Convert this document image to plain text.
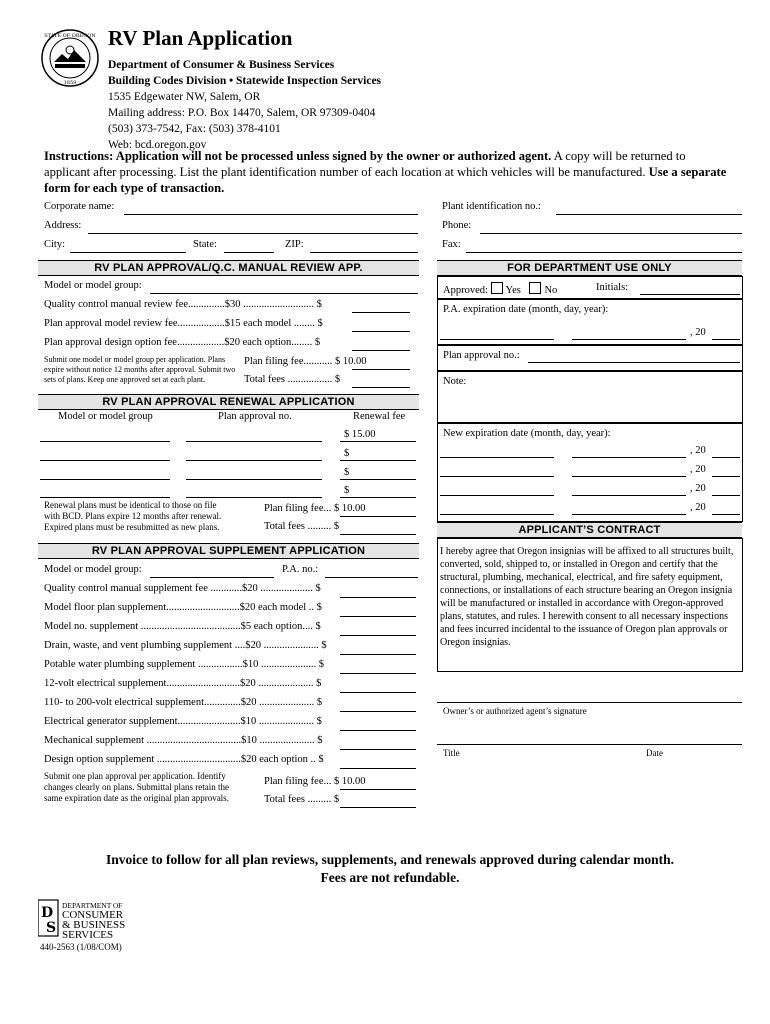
STATE OF OREGON
1859
RV Plan Application
Department of Consumer & Business Services
Building Codes Division • Statewide Inspection Services
1535 Edgewater NW, Salem, OR
Mailing address: P.O. Box 14470, Salem, OR 97309-0404
(503) 373-7542, Fax: (503) 378-4101
Web: bcd.oregon.gov
Instructions: Application will not be processed unless signed by the owner or authorized agent. A copy will be returned to applicant after processing. List the plant identification number of each location at which vehicles will be manufactured. Use a separate form for each type of transaction.
Corporate name:
Address:
City:	State:	ZIP:
Plant identification no.:
Phone:
Fax:
RV PLAN APPROVAL/Q.C. MANUAL REVIEW APP.
Model or model group:
Quality control manual review fee..............$30 ........................... $
Plan approval model review fee..................$15 each model ........ $
Plan approval design option fee..................$20 each option........ $
Submit one model or model group per application. Plans
expire without notice 12 months after approval. Submit two
sets of plans. Keep one approved set at each plant.
Plan filing fee........... $ 10.00
Total fees ................. $
RV PLAN APPROVAL RENEWAL APPLICATION
Model or model group	Plan approval no.	Renewal fee
$ 15.00
$
$
$
Renewal plans must be identical to those on file
with BCD. Plans expire 12 months after renewal.
Expired plans must be resubmitted as new plans.
Plan filing fee... $ 10.00
Total fees ......... $
RV PLAN APPROVAL SUPPLEMENT APPLICATION
Model or model group:	P.A. no.:
Quality control manual supplement fee ............$20 .................... $
Model floor plan supplement............................$20 each model .. $
Model no. supplement ......................................$5 each option.... $
Drain, waste, and vent plumbing supplement ....$20 ..................... $
Potable water plumbing supplement .................$10 ..................... $
12-volt electrical supplement............................$20 ..................... $
110- to 200-volt electrical supplement..............$20 ..................... $
Electrical generator supplement........................$10 ..................... $
Mechanical supplement ....................................$10 ..................... $
Design option supplement ................................$20 each option .. $
Submit one plan approval per application. Identify
changes clearly on plans. Submittal plans retain the
same expiration date as the original plan approvals.
Plan filing fee... $ 10.00
Total fees ......... $
FOR DEPARTMENT USE ONLY
Approved: Yes No	Initials:
P.A. expiration date (month, day, year):
, 20
Plan approval no.:
Note:
New expiration date (month, day, year):
, 20
, 20
, 20
, 20
APPLICANT’S CONTRACT
I hereby agree that Oregon insignias will be affixed to all structures built, converted, sold, shipped to, or installed in Oregon and certify that the structural, plumbing, mechanical, electrical, and fire safety equipment, connections, or installations of each structure bearing an Oregon insignia will be manufactured or installed in accordance with Oregon-approved plans, statutes, and rules. I herewith consent to all necessary inspections and fees incurred incidental to the issuance of Oregon plan approvals or Oregon insignias.
Owner’s or authorized agent’s signature
Title	Date
Invoice to follow for all plan reviews, supplements, and renewals approved during calendar month.
Fees are not refundable.
D
S
DEPARTMENT OF
CONSUMER
& BUSINESS
SERVICES
440-2563 (1/08/COM)
